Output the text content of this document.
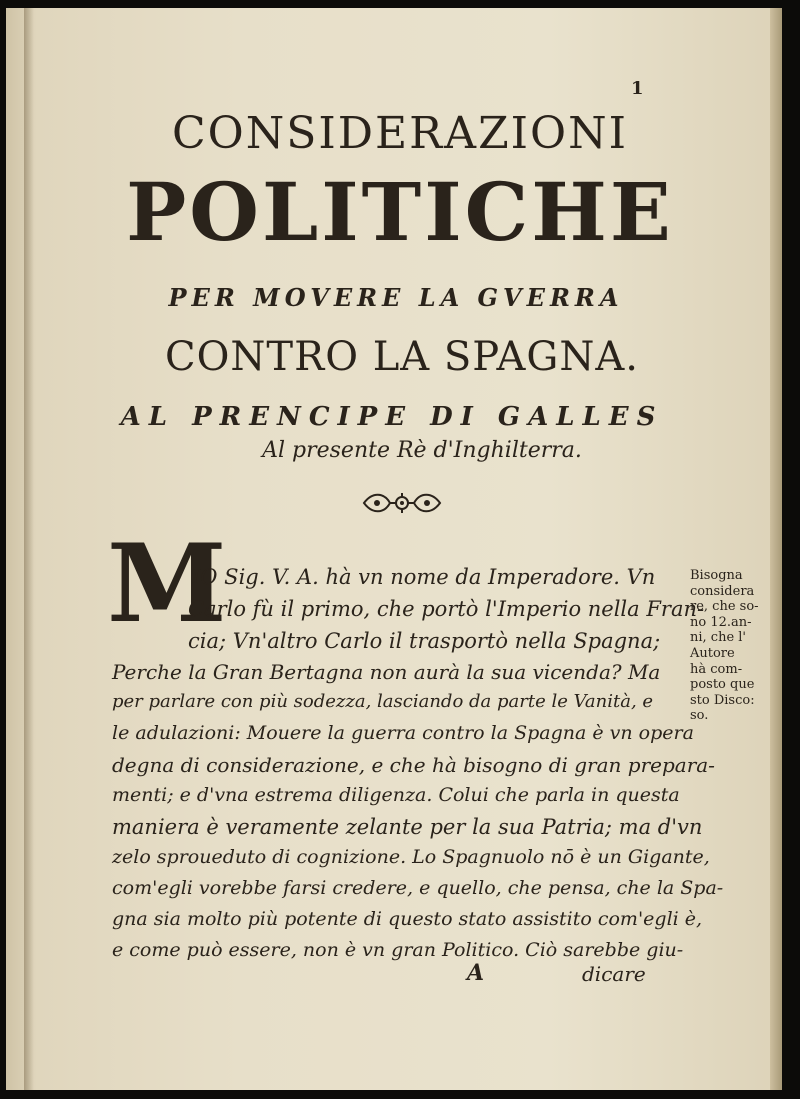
1
CONSIDERAZIONI
POLITICHE
PER MOVERE LA GVERRA
CONTRO LA SPAGNA.
AL PRENCIPE DI GALLES
Al presente Rè d'Inghilterra.
M
IO Sig. V. A. hà vn nome da Imperadore. Vn
Carlo fù il primo, che portò l'Imperio nella Fran-
cia; Vn'altro Carlo il trasportò nella Spagna;
Perche la Gran Bertagna non aurà la sua vicenda? Ma
per parlare con più sodezza, lasciando da parte le Vanità, e
le adulazioni: Mouere la guerra contro la Spagna è vn opera
degna di considerazione, e che hà bisogno di gran prepara-
menti; e d'vna estrema diligenza. Colui che parla in questa
maniera è veramente zelante per la sua Patria; ma d'vn
zelo sproueduto di cognizione. Lo Spagnuolo nō è un Gigante,
com'egli vorebbe farsi credere, e quello, che pensa, che la Spa-
gna sia molto più potente di questo stato assistito com'egli è,
e come può essere, non è vn gran Politico. Ciò sarebbe giu-
Bisogna
considera
re, che so-
no 12.an-
ni, che l'
Autore
hà com-
posto que
sto Disco:
so.
A	dicare
